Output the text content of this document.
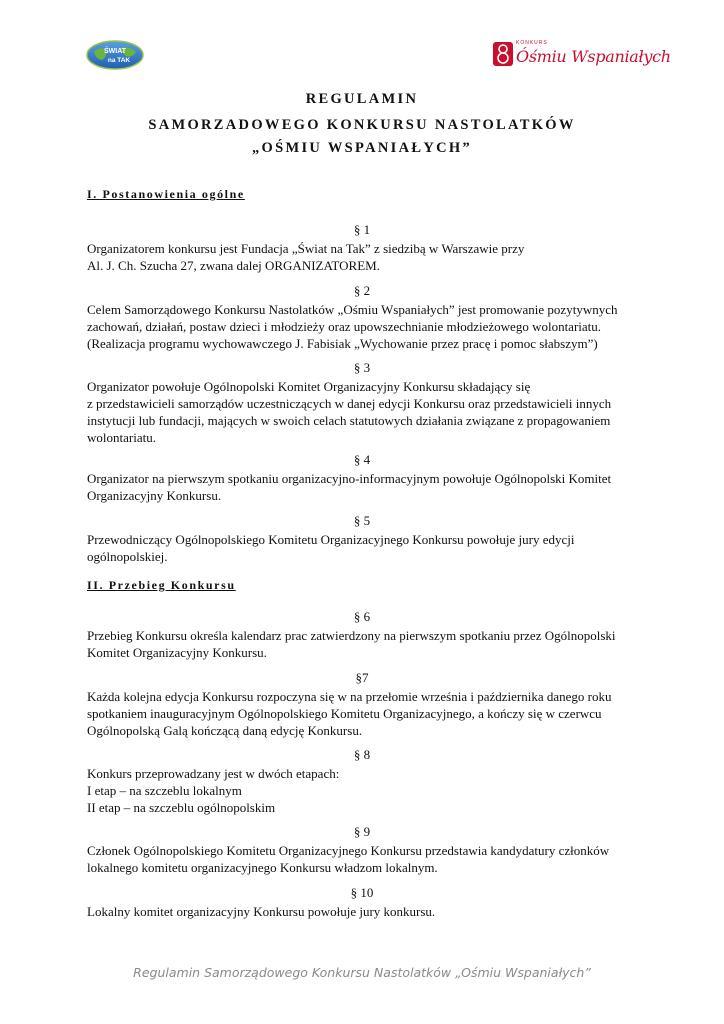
ŚWIAT
na TAK
KONKURS
Óśmiu Wspaniałych
REGULAMIN
SAMORZADOWEGO KONKURSU NASTOLATKÓW
„OŚMIU WSPANIAŁYCH”
I. Postanowienia ogólne
II. Przebieg Konkursu
§ 1
Organizatorem konkursu jest Fundacja „Świat na Tak” z siedzibą w Warszawie przy
Al. J. Ch. Szucha 27, zwana dalej ORGANIZATOREM.
§ 2
Celem Samorządowego Konkursu Nastolatków „Ośmiu Wspaniałych” jest promowanie pozytywnych
zachowań, działań, postaw dzieci i młodzieży oraz upowszechnianie młodzieżowego wolontariatu.
(Realizacja programu wychowawczego J. Fabisiak „Wychowanie przez pracę i pomoc słabszym”)
§ 3
Organizator powołuje Ogólnopolski Komitet Organizacyjny Konkursu składający się
z przedstawicieli samorządów uczestniczących w danej edycji Konkursu oraz przedstawicieli innych
instytucji lub fundacji, mających w swoich celach statutowych działania związane z propagowaniem
wolontariatu.
§ 4
Organizator na pierwszym spotkaniu organizacyjno-informacyjnym powołuje Ogólnopolski Komitet
Organizacyjny Konkursu.
§ 5
Przewodniczący Ogólnopolskiego Komitetu Organizacyjnego Konkursu powołuje jury edycji
ogólnopolskiej.
§ 6
Przebieg Konkursu określa kalendarz prac zatwierdzony na pierwszym spotkaniu przez Ogólnopolski
Komitet Organizacyjny Konkursu.
§7
Każda kolejna edycja Konkursu rozpoczyna się w na przełomie września i października danego roku
spotkaniem inauguracyjnym Ogólnopolskiego Komitetu Organizacyjnego, a kończy się w czerwcu
Ogólnopolską Galą kończącą daną edycję Konkursu.
§ 8
Konkurs przeprowadzany jest w dwóch etapach:
I etap – na szczeblu lokalnym
II etap – na szczeblu ogólnopolskim
§ 9
Członek Ogólnopolskiego Komitetu Organizacyjnego Konkursu przedstawia kandydatury członków
lokalnego komitetu organizacyjnego Konkursu władzom lokalnym.
§ 10
Lokalny komitet organizacyjny Konkursu powołuje jury konkursu.
Regulamin Samorządowego Konkursu Nastolatków „Ośmiu Wspaniałych”
